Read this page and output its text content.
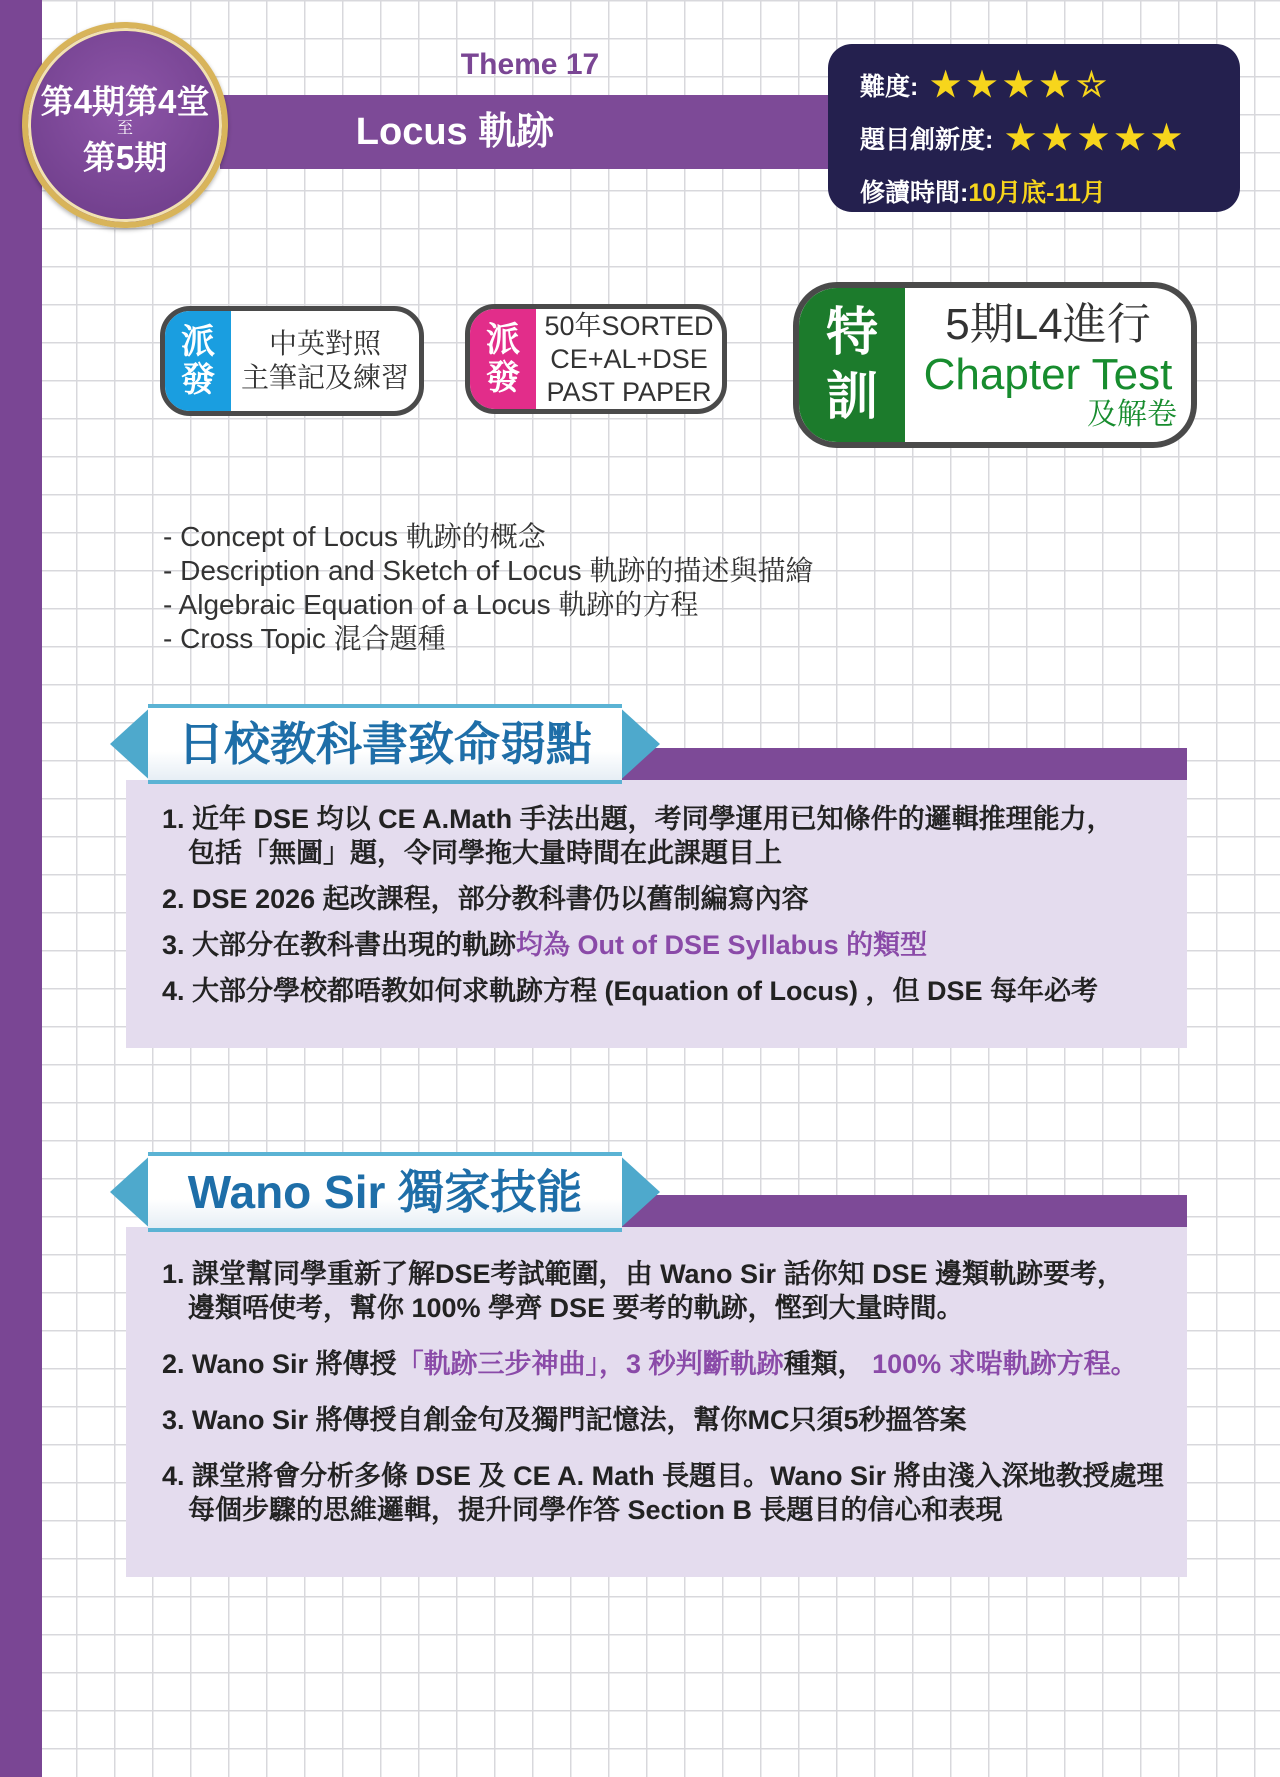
第4期第4堂
至
第5期
Theme 17
Locus 軌跡
難度: ★★★★☆
題目創新度: ★★★★★
修讀時間: 10月底-11月
派
發
中英對照
主筆記及練習
派
發
50年SORTED
CE+AL+DSE
PAST PAPER
特
訓
5期L4進行
Chapter Test
及解卷
- Concept of Locus 軌跡的概念
- Description and Sketch of Locus 軌跡的描述與描繪
- Algebraic Equation of a Locus 軌跡的方程
- Cross Topic 混合題種
1. 近年 DSE 均以 CE A.Math 手法出題，考同學運用已知條件的邏輯推理能力，
包括「無圖」題，令同學拖大量時間在此課題目上
2. DSE 2026 起改課程，部分教科書仍以舊制編寫內容
3. 大部分在教科書出現的軌跡均為 Out of DSE Syllabus 的類型
4. 大部分學校都唔教如何求軌跡方程 (Equation of Locus) ，但 DSE 每年必考
日校教科書致命弱點
1. 課堂幫同學重新了解DSE考試範圍，由 Wano Sir 話你知 DSE 邊類軌跡要考，
邊類唔使考，幫你 100% 學齊 DSE 要考的軌跡，慳到大量時間。
2. Wano Sir 將傳授「軌跡三步神曲」，3 秒判斷軌跡種類， 100% 求啱軌跡方程。
3. Wano Sir 將傳授自創金句及獨門記憶法，幫你MC只須5秒搵答案
4. 課堂將會分析多條 DSE 及 CE A. Math 長題目。Wano Sir 將由淺入深地教授處理
每個步驟的思維邏輯，提升同學作答 Section B 長題目的信心和表現
Wano Sir 獨家技能
